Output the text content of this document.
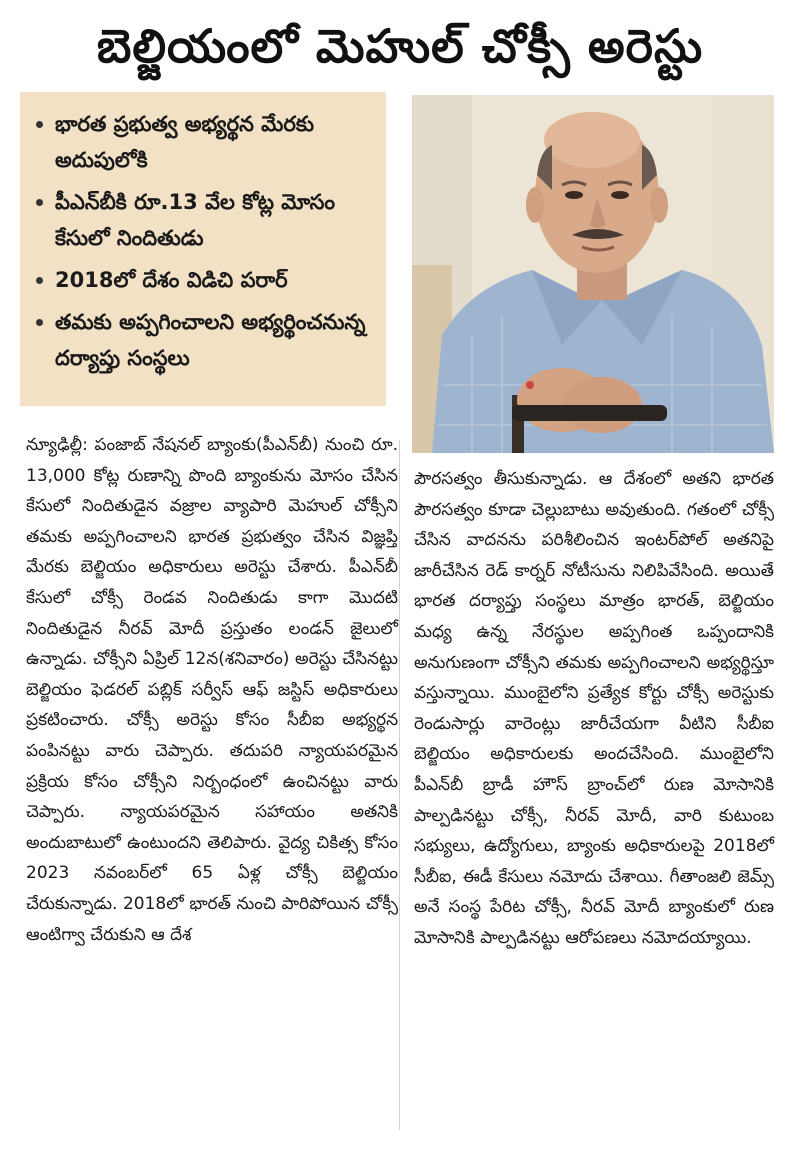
బెల్జియంలో మెహుల్ చోక్సీ అరెస్టు
భారత ప్రభుత్వ అభ్యర్థన మేరకు అదుపులోకి
పీఎన్‌బీకి రూ.13 వేల కోట్ల మోసం కేసులో నిందితుడు
2018లో దేశం విడిచి పరార్
తమకు అప్పగించాలని అభ్యర్థించనున్న దర్యాప్తు సంస్థలు
న్యూఢిల్లీ: పంజాబ్ నేషనల్ బ్యాంకు(పీఎన్‌బీ) నుంచి రూ. 13,000 కోట్ల రుణాన్ని పొంది బ్యాంకును మోసం చేసిన కేసులో నిందితుడైన వజ్రాల వ్యాపారి మెహుల్ చోక్సీని తమకు అప్పగించాలని భారత ప్రభుత్వం చేసిన విజ్ఞప్తి మేరకు బెల్జియం అధికారులు అరెస్టు చేశారు. పీఎన్‌బీ కేసులో చోక్సీ రెండవ నిందితుడు కాగా మొదటి నిందితుడైన నీరవ్ మోదీ ప్రస్తుతం లండన్ జైలులో ఉన్నాడు. చోక్సీని ఏప్రిల్ 12న(శనివారం) అరెస్టు చేసినట్టు బెల్జియం ఫెడరల్ పబ్లిక్ సర్వీస్ ఆఫ్ జస్టిస్ అధికారులు ప్రకటించారు. చోక్సీ అరెస్టు కోసం సీబీఐ అభ్యర్థన పంపినట్టు వారు చెప్పారు. తదుపరి న్యాయపరమైన ప్రక్రియ కోసం చోక్సీని నిర్బంధంలో ఉంచినట్టు వారు చెప్పారు. న్యాయపరమైన సహాయం అతనికి అందుబాటులో ఉంటుందని తెలిపారు. వైద్య చికిత్స కోసం 2023 నవంబర్‌లో 65 ఏళ్ల చోక్సీ బెల్జియం చేరుకున్నాడు. 2018లో భారత్ నుంచి పారిపోయిన చోక్సీ ఆంటిగ్వా చేరుకుని ఆ దేశ
పౌరసత్వం తీసుకున్నాడు. ఆ దేశంలో అతని భారత పౌరసత్వం కూడా చెల్లుబాటు అవుతుంది. గతంలో చోక్సీ చేసిన వాదనను పరిశీలించిన ఇంటర్‌పోల్ అతనిపై జారీచేసిన రెడ్ కార్నర్ నోటీసును నిలిపివేసింది. అయితే భారత దర్యాప్తు సంస్థలు మాత్రం భారత్, బెల్జియం మధ్య ఉన్న నేరస్థుల అప్పగింత ఒప్పందానికి అనుగుణంగా చోక్సీని తమకు అప్పగించాలని అభ్యర్థిస్తూ వస్తున్నాయి. ముంబైలోని ప్రత్యేక కోర్టు చోక్సీ అరెస్టుకు రెండుసార్లు వారెంట్లు జారీచేయగా వీటిని సీబీఐ బెల్జియం అధికారులకు అందచేసింది. ముంబైలోని పీఎన్‌బీ బ్రాడీ హౌస్ బ్రాంచ్‌లో రుణ మోసానికి పాల్పడినట్టు చోక్సీ, నీరవ్ మోదీ, వారి కుటుంబ సభ్యులు, ఉద్యోగులు, బ్యాంకు అధికారులపై 2018లో సీబీఐ, ఈడీ కేసులు నమోదు చేశాయి. గీతాంజలి జెమ్స్ అనే సంస్థ పేరిట చోక్సీ, నీరవ్ మోదీ బ్యాంకులో రుణ మోసానికి పాల్పడినట్టు ఆరోపణలు నమోదయ్యాయి.
